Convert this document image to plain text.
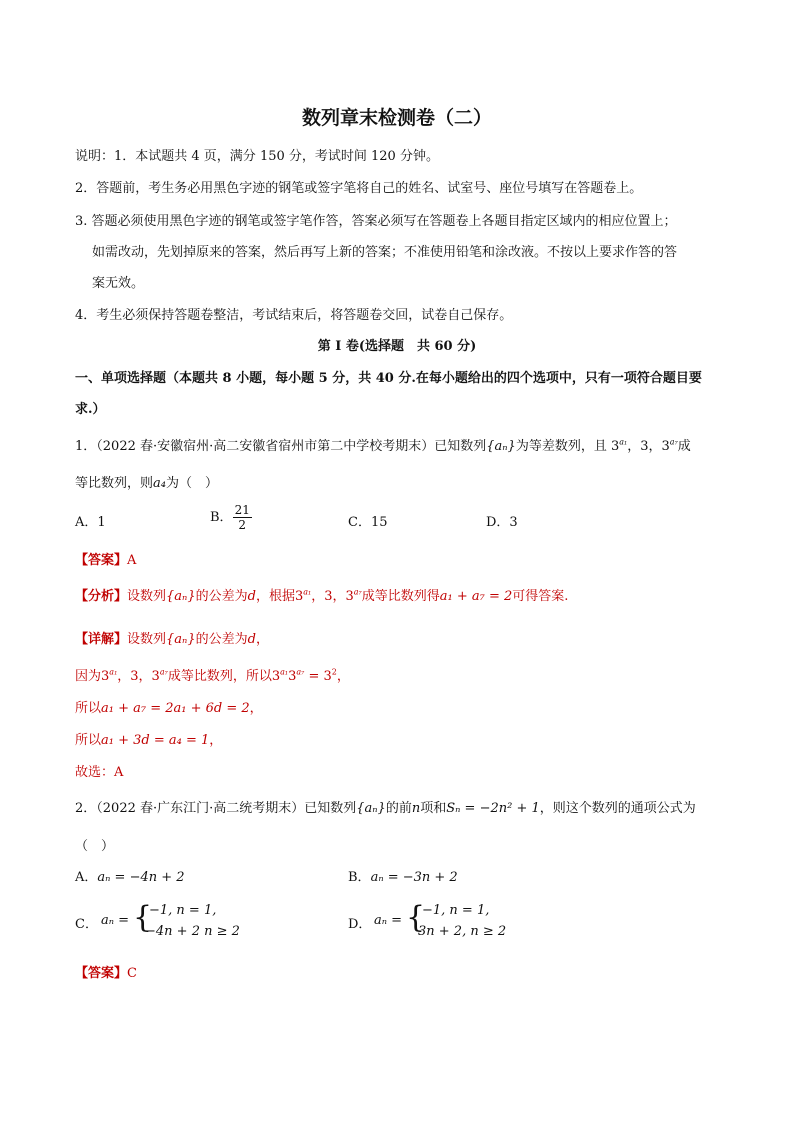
数列章末检测卷（二）
说明：1．本试题共 4 页，满分 150 分，考试时间 120 分钟。
2．答题前，考生务必用黑色字迹的钢笔或签字笔将自己的姓名、试室号、座位号填写在答题卷上。
3. 答题必须使用黑色字迹的钢笔或签字笔作答，答案必须写在答题卷上各题目指定区域内的相应位置上；
如需改动，先划掉原来的答案，然后再写上新的答案；不准使用铅笔和涂改液。不按以上要求作答的答
案无效。
4．考生必须保持答题卷整洁，考试结束后，将答题卷交回，试卷自己保存。
第 I 卷(选择题　共 60 分)
一、单项选择题（本题共 8 小题，每小题 5 分，共 40 分.在每小题给出的四个选项中，只有一项符合题目要
求.）
1．（2022 春·安徽宿州·高二安徽省宿州市第二中学校考期末）已知数列{aₙ}为等差数列，且 $3^{a_1}$，3，$3^{a_7}$成
等比数列，则a₄为（　）
A．1	B． $\frac{21}{2}$	C．15	D．3
【答案】A
【分析】设数列{aₙ}的公差为d，根据$3^{a_1}$，3，$3^{a_7}$成等比数列得a₁ + a₇ = 2可得答案.
【详解】设数列{aₙ}的公差为d，
因为$3^{a_1}$，3，$3^{a_7}$成等比数列，所以$3^{a_1}3^{a_7} = 3^2$，
所以a₁ + a₇ = 2a₁ + 6d = 2，
所以a₁ + 3d = a₄ = 1，
故选：A
2．（2022 春·广东江门·高二统考期末）已知数列{aₙ}的前n项和Sₙ = −2n² + 1，则这个数列的通项公式为
（　）
A．aₙ = −4n + 2	B．aₙ = −3n + 2
C． aₙ = {
−1, n = 1,
−4n + 2 n ≥ 2	D． aₙ = {
−1, n = 1,
3n + 2, n ≥ 2
【答案】C
